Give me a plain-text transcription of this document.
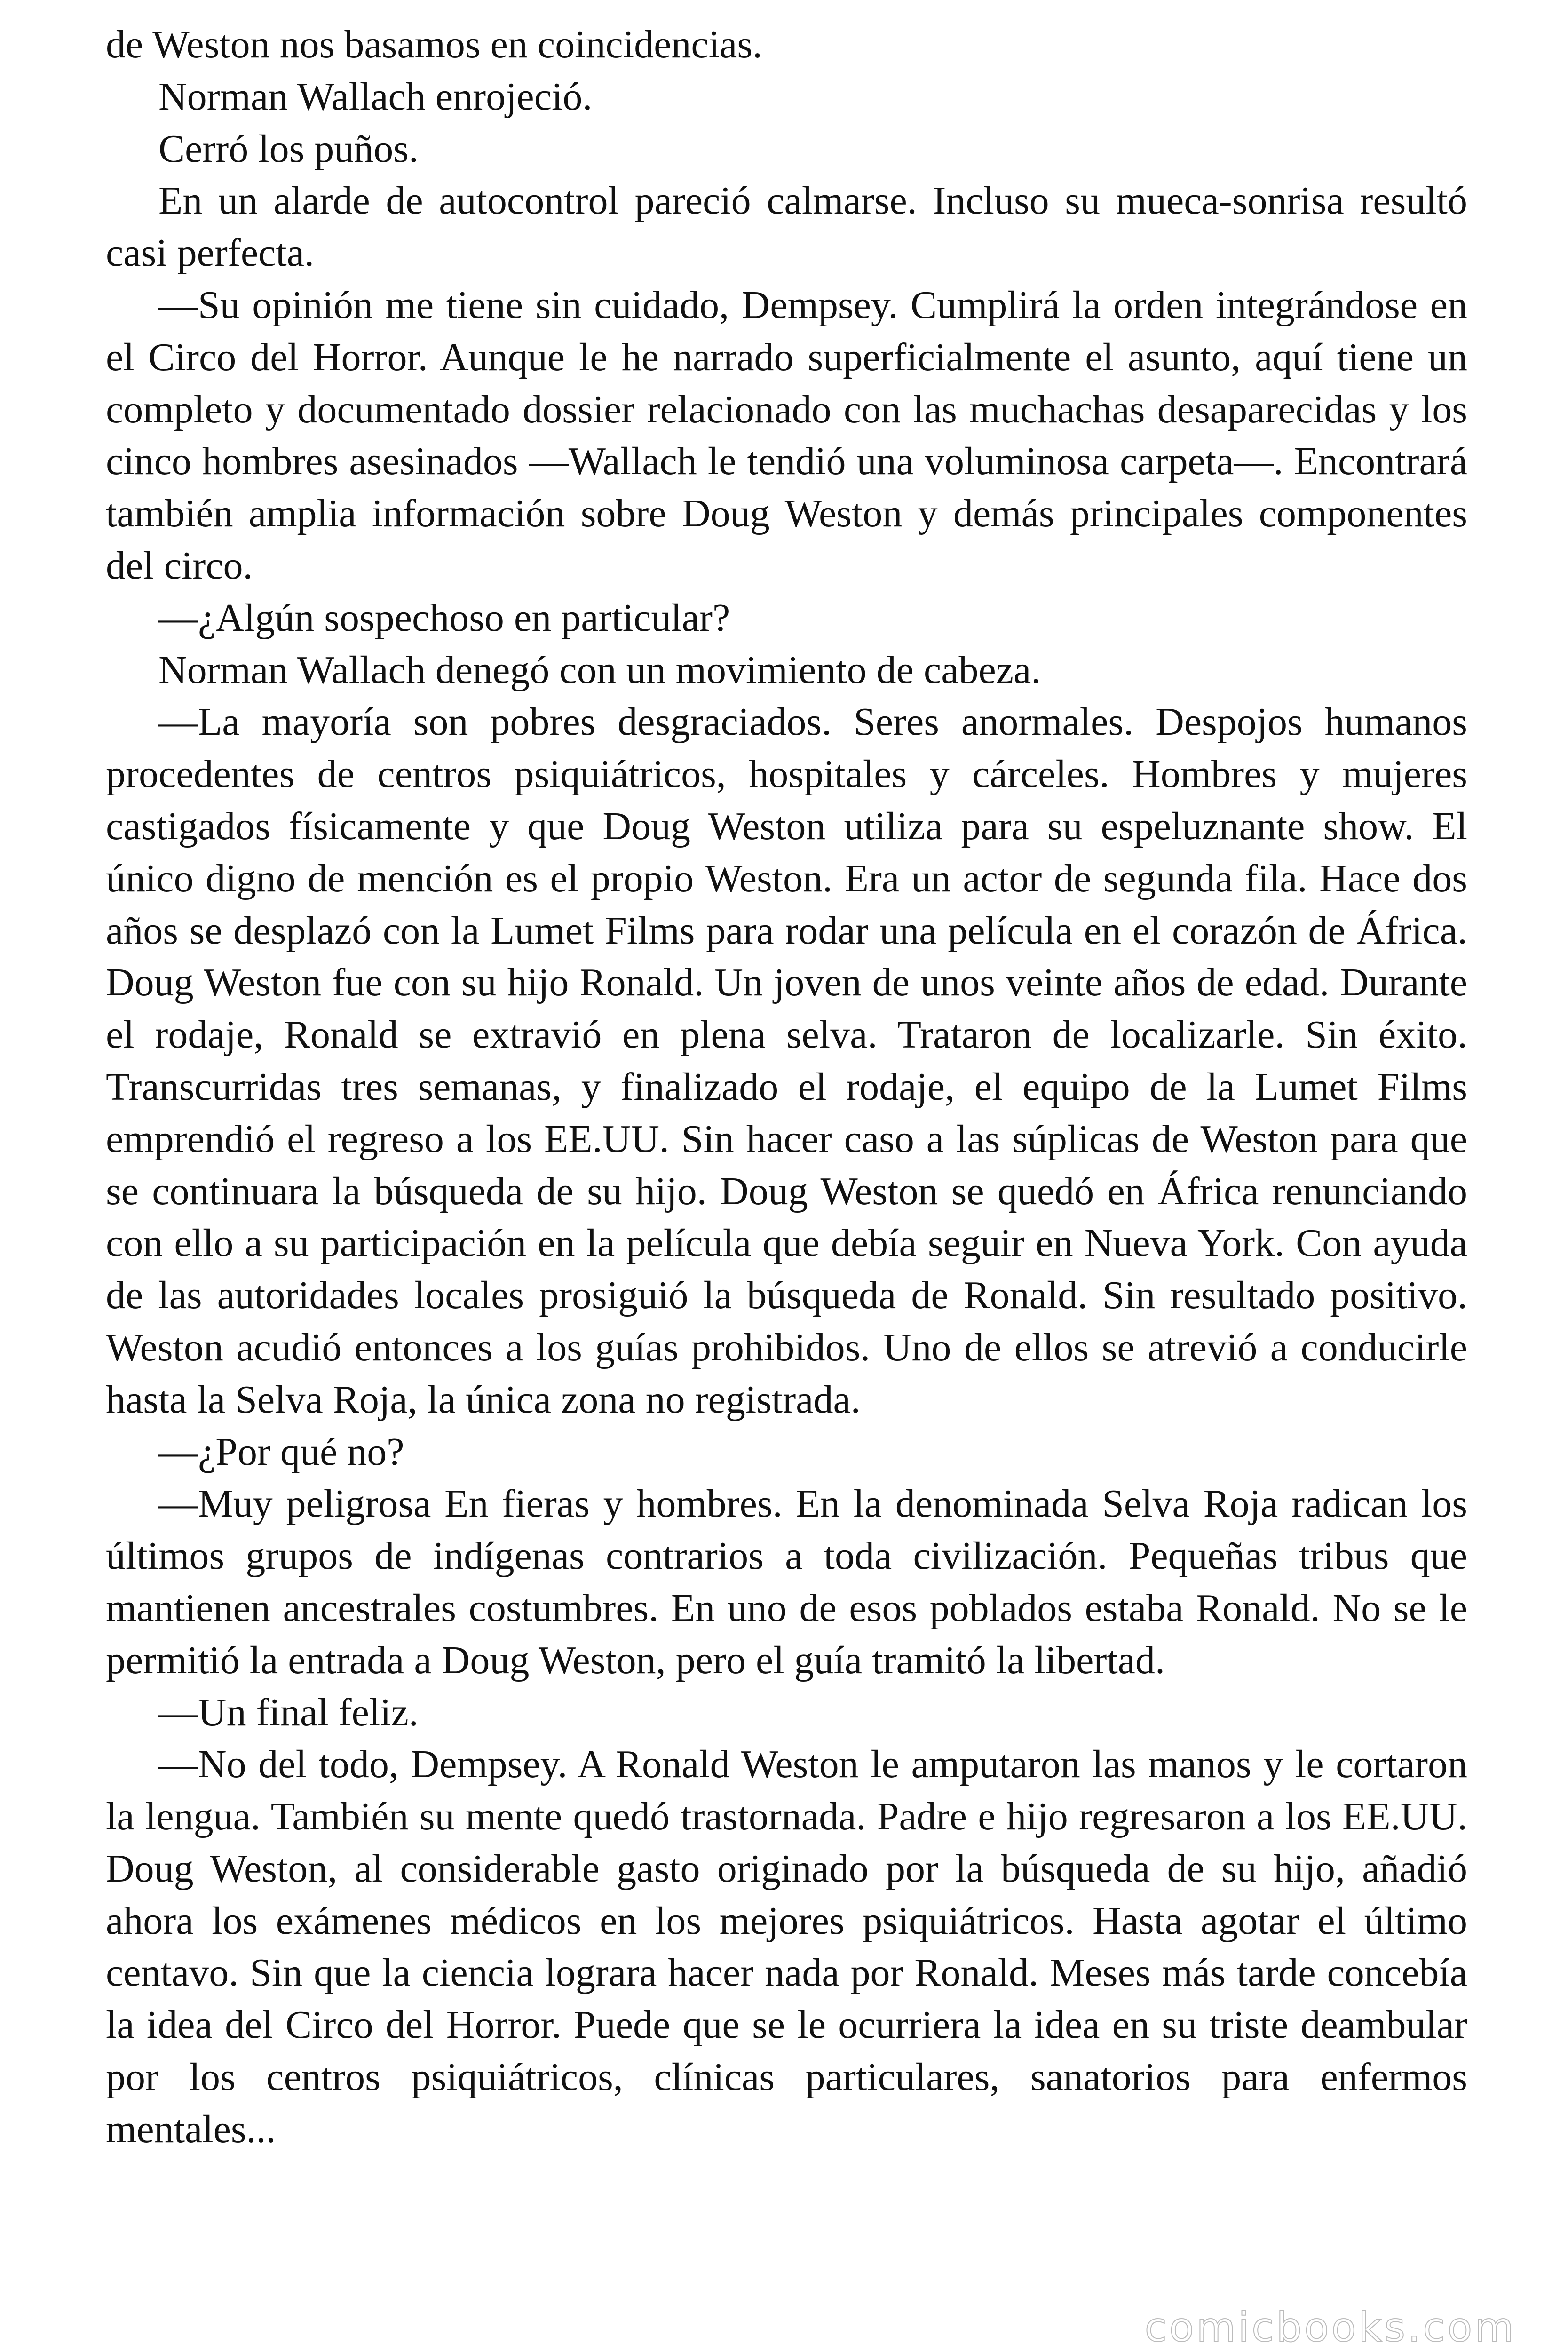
de Weston nos basamos en coincidencias.

Norman Wallach enrojeció.

Cerró los puños.

En un alarde de autocontrol pareció calmarse. Incluso su mueca-sonrisa resultó casi perfecta.

—Su opinión me tiene sin cuidado, Dempsey. Cumplirá la orden integrándose en el Circo del Horror. Aunque le he narrado superficialmente el asunto, aquí tiene un completo y documentado dossier relacionado con las muchachas desaparecidas y los cinco hombres asesinados —Wallach le tendió una voluminosa carpeta—. Encontrará también amplia información sobre Doug Weston y demás principales componentes del circo.

—¿Algún sospechoso en particular?

Norman Wallach denegó con un movimiento de cabeza.

—La mayoría son pobres desgraciados. Seres anormales. Despojos humanos procedentes de centros psiquiátricos, hospitales y cárceles. Hombres y mujeres castigados físicamente y que Doug Weston utiliza para su espeluznante show. El único digno de mención es el propio Weston. Era un actor de segunda fila. Hace dos años se desplazó con la Lumet Films para rodar una película en el corazón de África. Doug Weston fue con su hijo Ronald. Un joven de unos veinte años de edad. Durante el rodaje, Ronald se extravió en plena selva. Trataron de localizarle. Sin éxito. Transcurridas tres semanas, y finalizado el rodaje, el equipo de la Lumet Films emprendió el regreso a los EE.UU. Sin hacer caso a las súplicas de Weston para que se continuara la búsqueda de su hijo. Doug Weston se quedó en África renunciando con ello a su participación en la película que debía seguir en Nueva York. Con ayuda de las autoridades locales prosiguió la búsqueda de Ronald. Sin resultado positivo. Weston acudió entonces a los guías prohibidos. Uno de ellos se atrevió a conducirle hasta la Selva Roja, la única zona no registrada.

—¿Por qué no?

—Muy peligrosa En fieras y hombres. En la denominada Selva Roja radican los últimos grupos de indígenas contrarios a toda civilización. Pequeñas tribus que mantienen ancestrales costumbres. En uno de esos poblados estaba Ronald. No se le permitió la entrada a Doug Weston, pero el guía tramitó la libertad.

—Un final feliz.

—No del todo, Dempsey. A Ronald Weston le amputaron las manos y le cortaron la lengua. También su mente quedó trastornada. Padre e hijo regresaron a los EE.UU. Doug Weston, al considerable gasto originado por la búsqueda de su hijo, añadió ahora los exámenes médicos en los mejores psiquiátricos. Hasta agotar el último centavo. Sin que la ciencia lograra hacer nada por Ronald. Meses más tarde concebía la idea del Circo del Horror. Puede que se le ocurriera la idea en su triste deambular por los centros psiquiátricos, clínicas particulares, sanatorios para enfermos mentales...

comicbooks.com
